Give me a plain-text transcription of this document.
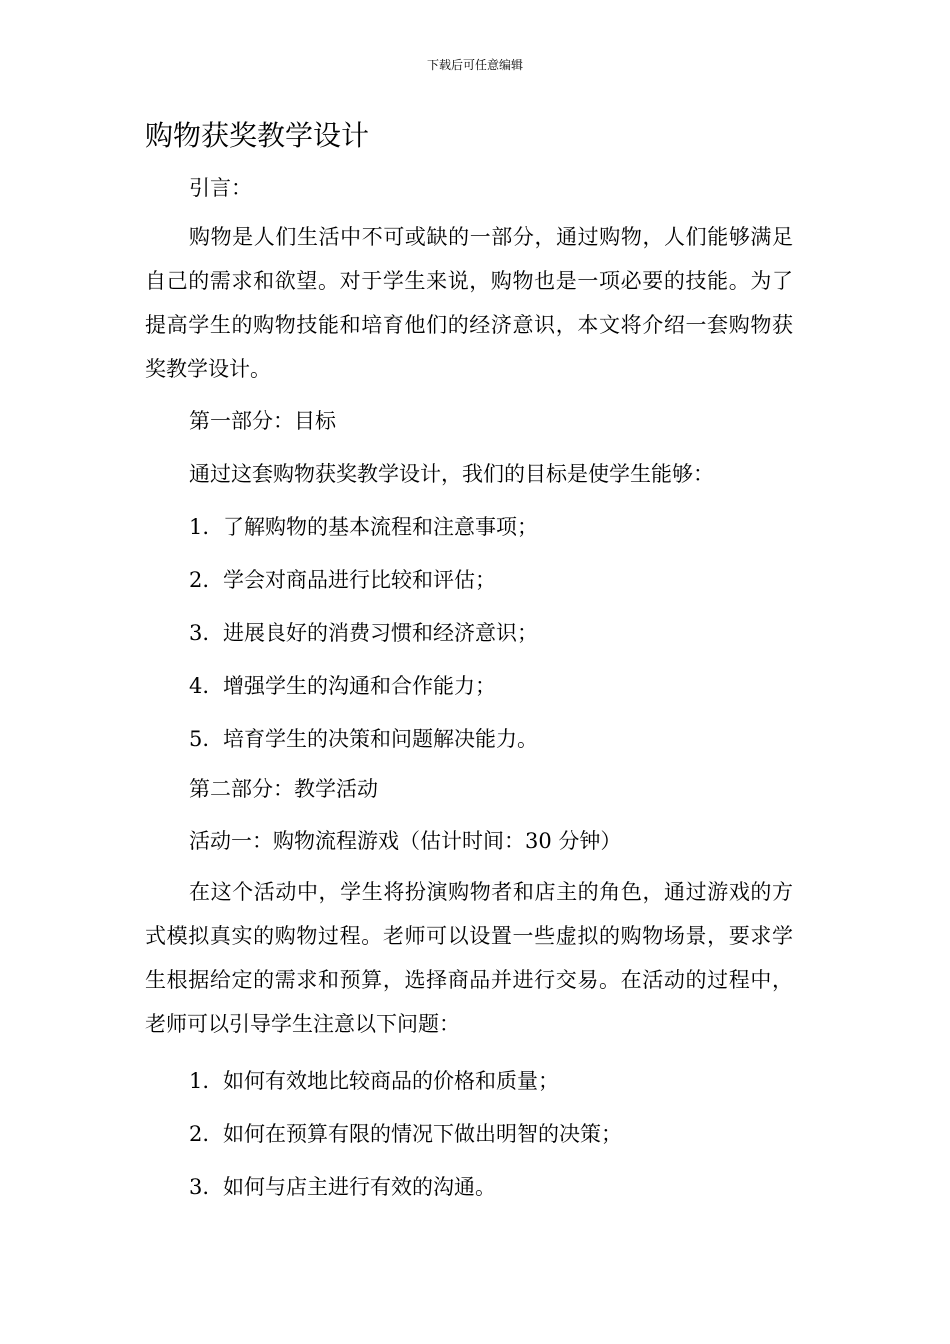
下载后可任意编辑
购物获奖教学设计

引言：

购物是人们生活中不可或缺的一部分，通过购物，人们能够满足自己的需求和欲望。对于学生来说，购物也是一项必要的技能。为了提高学生的购物技能和培育他们的经济意识，本文将介绍一套购物获奖教学设计。

第一部分：目标

通过这套购物获奖教学设计，我们的目标是使学生能够：

1. 了解购物的基本流程和注意事项；
2. 学会对商品进行比较和评估；
3. 进展良好的消费习惯和经济意识；
4. 增强学生的沟通和合作能力；
5. 培育学生的决策和问题解决能力。

第二部分：教学活动

活动一：购物流程游戏（估计时间：30 分钟）

在这个活动中，学生将扮演购物者和店主的角色，通过游戏的方式模拟真实的购物过程。老师可以设置一些虚拟的购物场景，要求学生根据给定的需求和预算，选择商品并进行交易。在活动的过程中，老师可以引导学生注意以下问题：

1. 如何有效地比较商品的价格和质量；
2. 如何在预算有限的情况下做出明智的决策；
3. 如何与店主进行有效的沟通。
